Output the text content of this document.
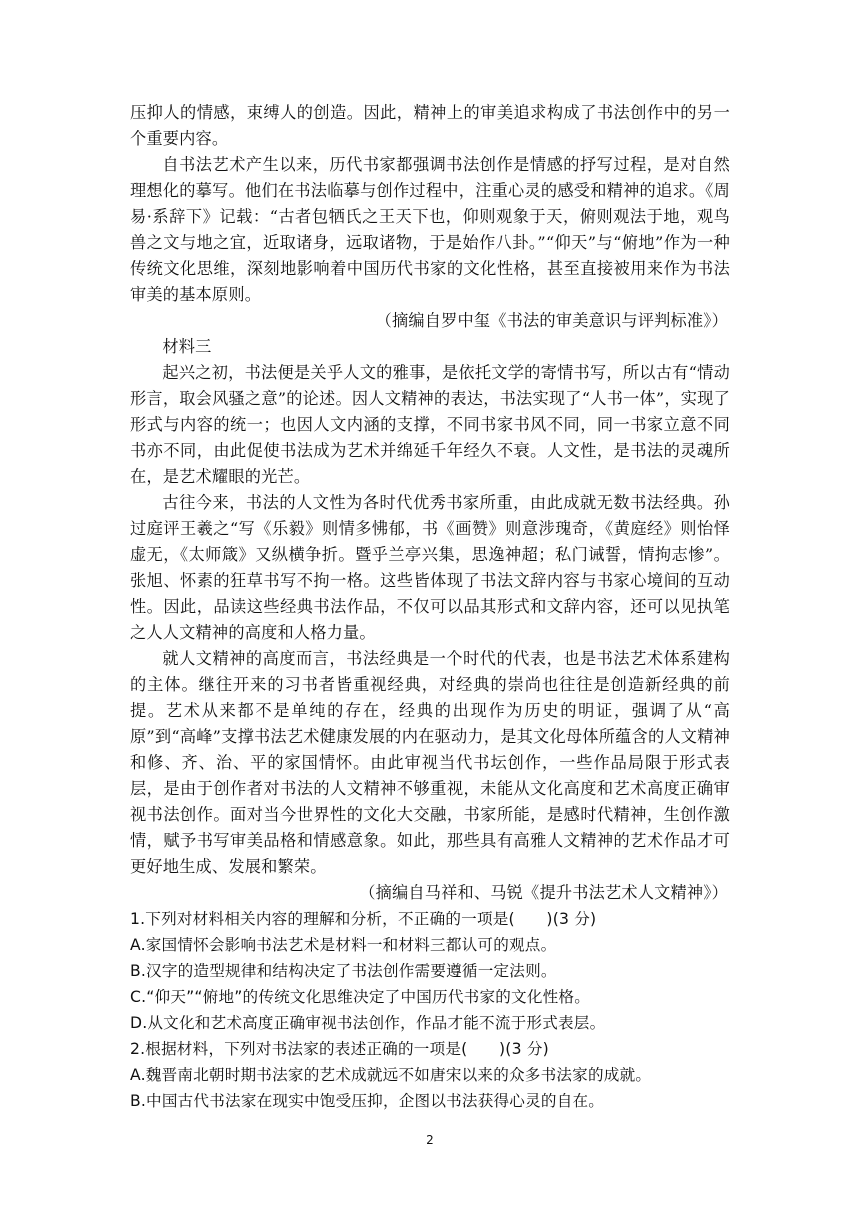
压抑人的情感，束缚人的创造。因此，精神上的审美追求构成了书法创作中的另一个重要内容。

自书法艺术产生以来，历代书家都强调书法创作是情感的抒写过程，是对自然理想化的摹写。他们在书法临摹与创作过程中，注重心灵的感受和精神的追求。《周易·系辞下》记载：“古者包牺氏之王天下也，仰则观象于天，俯则观法于地，观鸟兽之文与地之宜，近取诸身，远取诸物，于是始作八卦。”“仰天”与“俯地”作为一种传统文化思维，深刻地影响着中国历代书家的文化性格，甚至直接被用来作为书法审美的基本原则。

（摘编自罗中玺《书法的审美意识与评判标准》）

材料三

起兴之初，书法便是关乎人文的雅事，是依托文学的寄情书写，所以古有“情动形言，取会风骚之意”的论述。因人文精神的表达，书法实现了“人书一体”，实现了形式与内容的统一；也因人文内涵的支撑，不同书家书风不同，同一书家立意不同书亦不同，由此促使书法成为艺术并绵延千年经久不衰。人文性，是书法的灵魂所在，是艺术耀眼的光芒。

古往今来，书法的人文性为各时代优秀书家所重，由此成就无数书法经典。孙过庭评王羲之“写《乐毅》则情多怫郁，书《画赞》则意涉瑰奇，《黄庭经》则怡怿虚无，《太师箴》又纵横争折。暨乎兰亭兴集，思逸神超；私门诫誓，情拘志惨”。张旭、怀素的狂草书写不拘一格。这些皆体现了书法文辞内容与书家心境间的互动性。因此，品读这些经典书法作品，不仅可以品其形式和文辞内容，还可以见执笔之人人文精神的高度和人格力量。

就人文精神的高度而言，书法经典是一个时代的代表，也是书法艺术体系建构的主体。继往开来的习书者皆重视经典，对经典的崇尚也往往是创造新经典的前提。艺术从来都不是单纯的存在，经典的出现作为历史的明证，强调了从“高原”到“高峰”支撑书法艺术健康发展的内在驱动力，是其文化母体所蕴含的人文精神和修、齐、治、平的家国情怀。由此审视当代书坛创作，一些作品局限于形式表层，是由于创作者对书法的人文精神不够重视，未能从文化高度和艺术高度正确审视书法创作。面对当今世界性的文化大交融，书家所能，是感时代精神，生创作激情，赋予书写审美品格和情感意象。如此，那些具有高雅人文精神的艺术作品才可更好地生成、发展和繁荣。

（摘编自马祥和、马锐《提升书法艺术人文精神》）

1.下列对材料相关内容的理解和分析，不正确的一项是(　　)(3 分)

A.家国情怀会影响书法艺术是材料一和材料三都认可的观点。

B.汉字的造型规律和结构决定了书法创作需要遵循一定法则。

C.“仰天”“俯地”的传统文化思维决定了中国历代书家的文化性格。

D.从文化和艺术高度正确审视书法创作，作品才能不流于形式表层。

2.根据材料，下列对书法家的表述正确的一项是(　　)(3 分)

A.魏晋南北朝时期书法家的艺术成就远不如唐宋以来的众多书法家的成就。

B.中国古代书法家在现实中饱受压抑，企图以书法获得心灵的自在。

2
